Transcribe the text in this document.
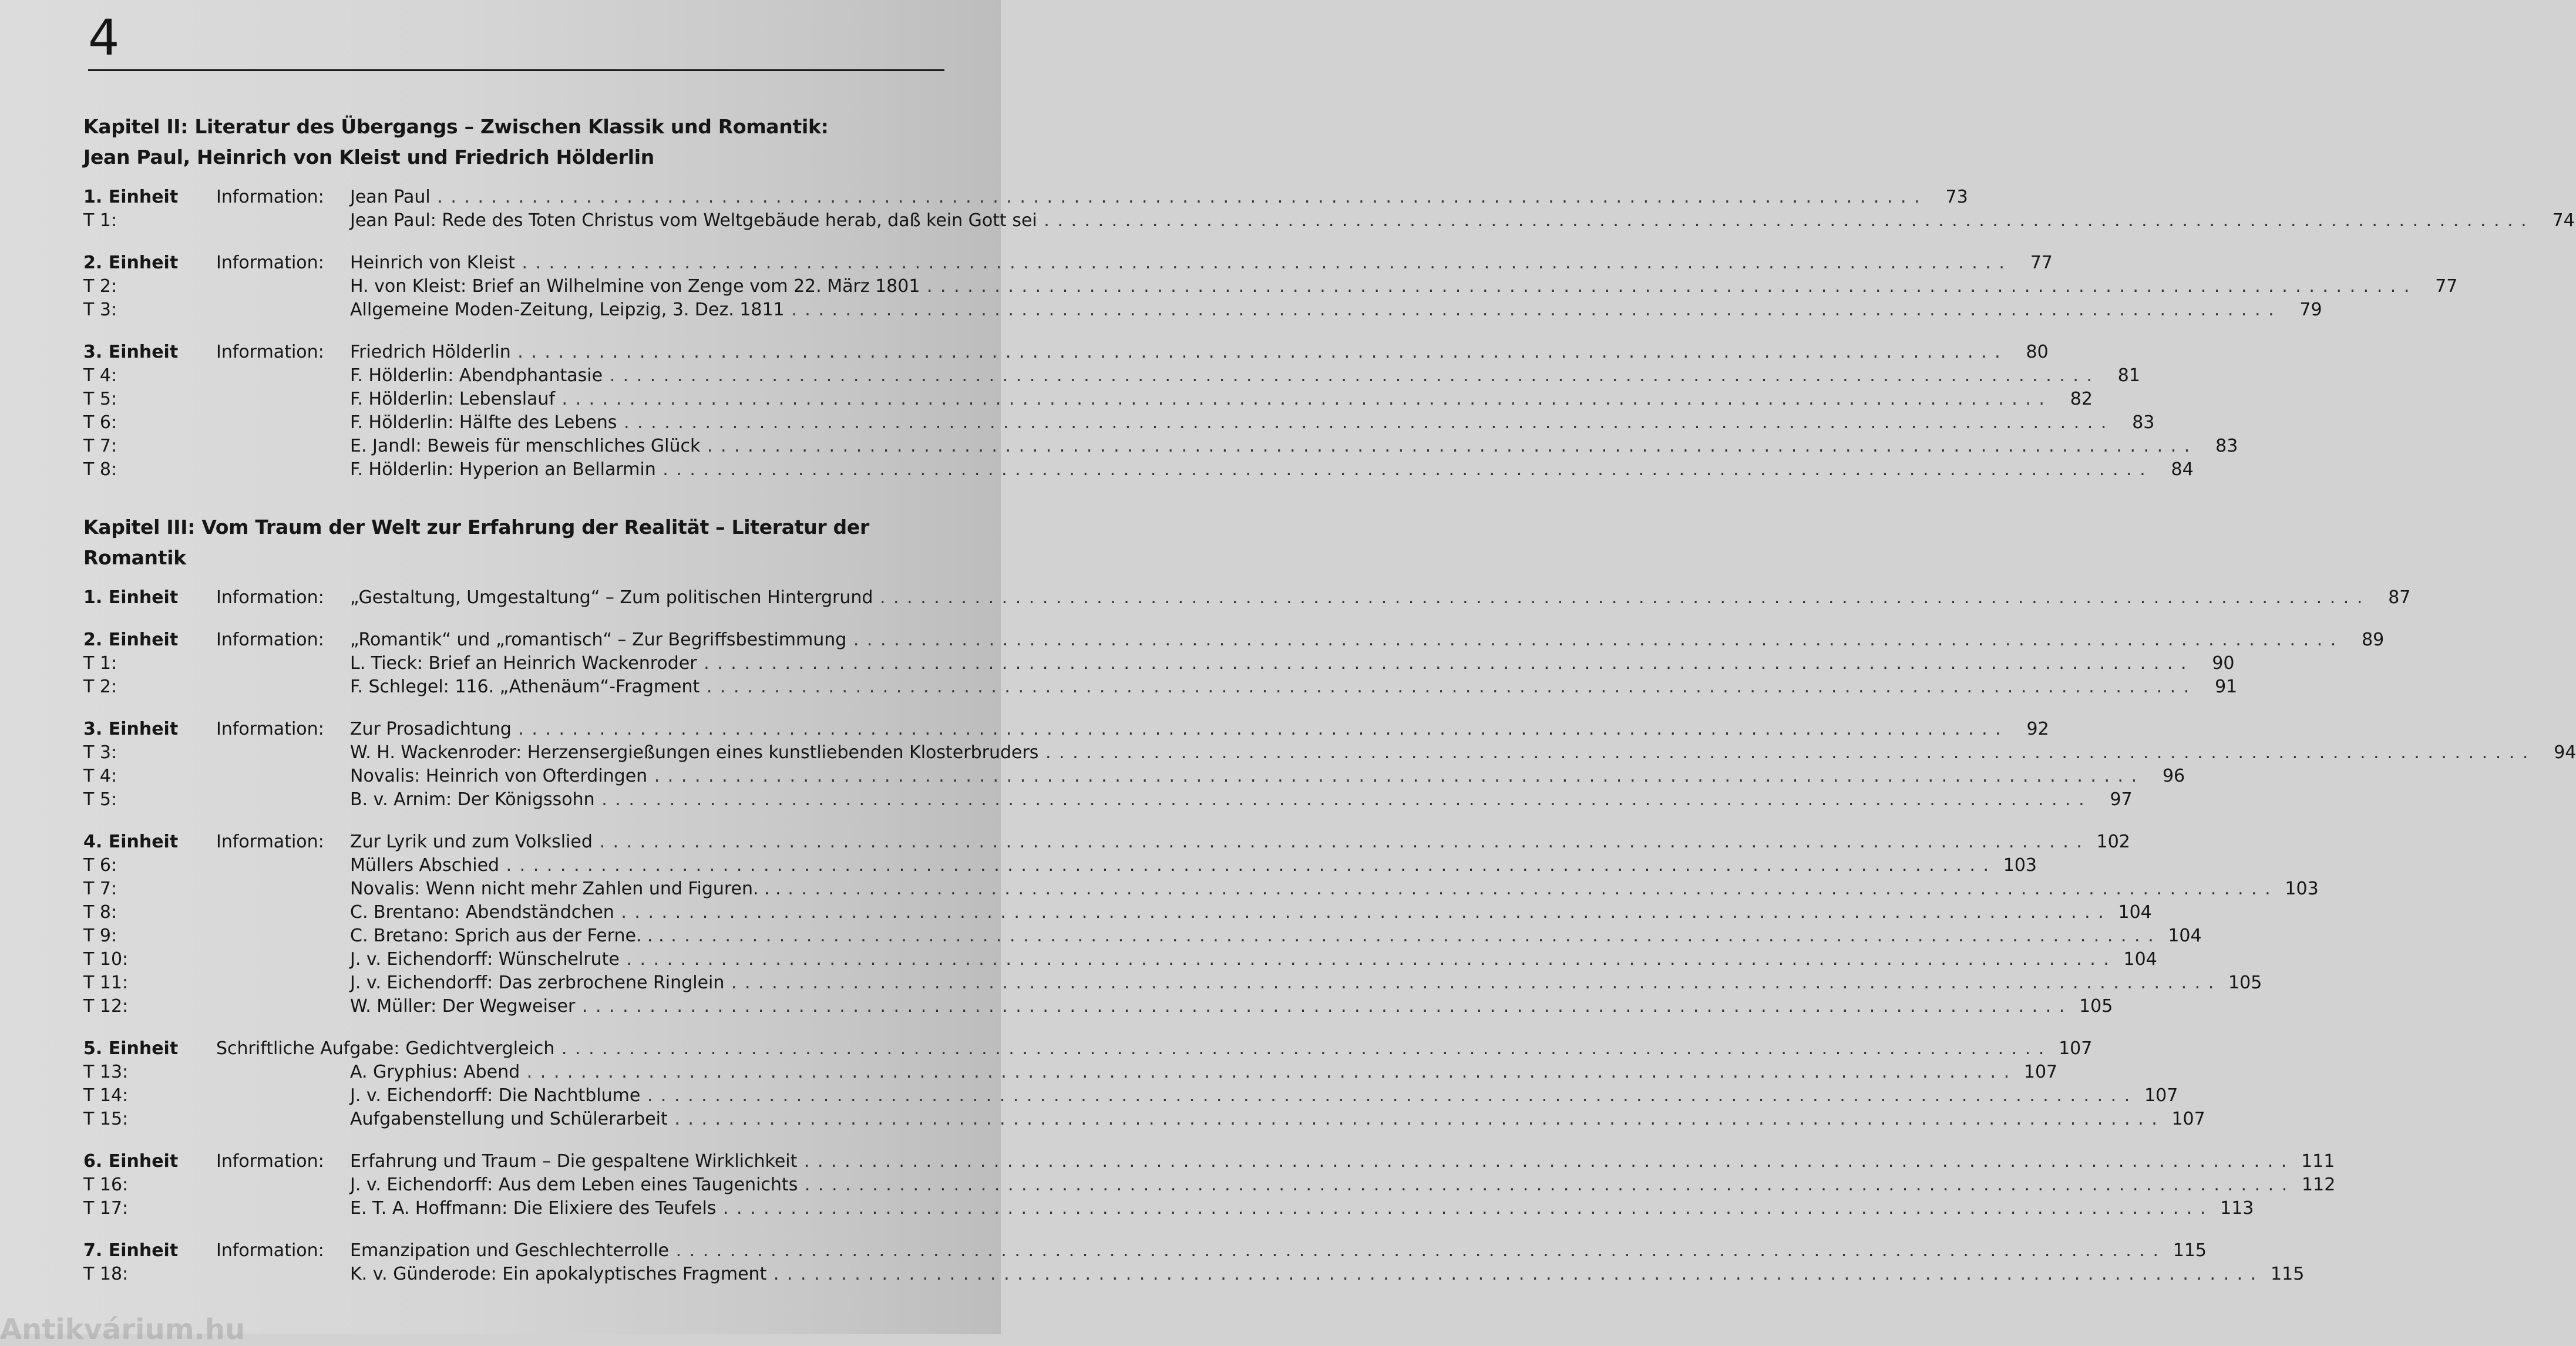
4
Kapitel II: Literatur des Übergangs – Zwischen Klassik und Romantik:
Jean Paul, Heinrich von Kleist und Friedrich Hölderlin
1. Einheit	Information:	Jean Paul . . .	73
T 1:	Jean Paul: Rede des Toten Christus vom Weltgebäude herab, daß kein Gott sei . . .	74
2. Einheit	Information:	Heinrich von Kleist . . .	77
T 2:	H. von Kleist: Brief an Wilhelmine von Zenge vom 22. März 1801 . . .	77
T 3:	Allgemeine Moden-Zeitung, Leipzig, 3. Dez. 1811 . . .	79
3. Einheit	Information:	Friedrich Hölderlin . . .	80
T 4:	F. Hölderlin: Abendphantasie . . .	81
T 5:	F. Hölderlin: Lebenslauf . . .	82
T 6:	F. Hölderlin: Hälfte des Lebens . . .	83
T 7:	E. Jandl: Beweis für menschliches Glück . . .	83
T 8:	F. Hölderlin: Hyperion an Bellarmin . . .	84
Kapitel III: Vom Traum der Welt zur Erfahrung der Realität – Literatur der Romantik
1. Einheit	Information:	„Gestaltung, Umgestaltung“ – Zum politischen Hintergrund . . .	87
2. Einheit	Information:	„Romantik“ und „romantisch“ – Zur Begriffsbestimmung . . .	89
T 1:	L. Tieck: Brief an Heinrich Wackenroder . . .	90
T 2:	F. Schlegel: 116. „Athenäum“-Fragment . . .	91
3. Einheit	Information:	Zur Prosadichtung . . .	92
T 3:	W. H. Wackenroder: Herzensergießungen eines kunstliebenden Klosterbruders . . .	94
T 4:	Novalis: Heinrich von Ofterdingen . . .	96
T 5:	B. v. Arnim: Der Königssohn . . .	97
4. Einheit	Information:	Zur Lyrik und zum Volkslied . . .	102
T 6:	Müllers Abschied . . .	103
T 7:	Novalis: Wenn nicht mehr Zahlen und Figuren. . . . . .	103
T 8:	C. Brentano: Abendständchen . . .	104
T 9:	C. Bretano: Sprich aus der Ferne. . . . . .	104
T 10:	J. v. Eichendorff: Wünschelrute . . .	104
T 11:	J. v. Eichendorff: Das zerbrochene Ringlein . . .	105
T 12:	W. Müller: Der Wegweiser . . .	105
5. Einheit	Schriftliche Aufgabe: Gedichtvergleich . . .	107
T 13:	A. Gryphius: Abend . . .	107
T 14:	J. v. Eichendorff: Die Nachtblume . . .	107
T 15:	Aufgabenstellung und Schülerarbeit . . .	107
6. Einheit	Information:	Erfahrung und Traum – Die gespaltene Wirklichkeit . . .	111
T 16:	J. v. Eichendorff: Aus dem Leben eines Taugenichts . . .	112
T 17:	E. T. A. Hoffmann: Die Elixiere des Teufels . . .	113
7. Einheit	Information:	Emanzipation und Geschlechterrolle . . .	115
T 18:	K. v. Günderode: Ein apokalyptisches Fragment . . .	115
Antikvárium.hu
